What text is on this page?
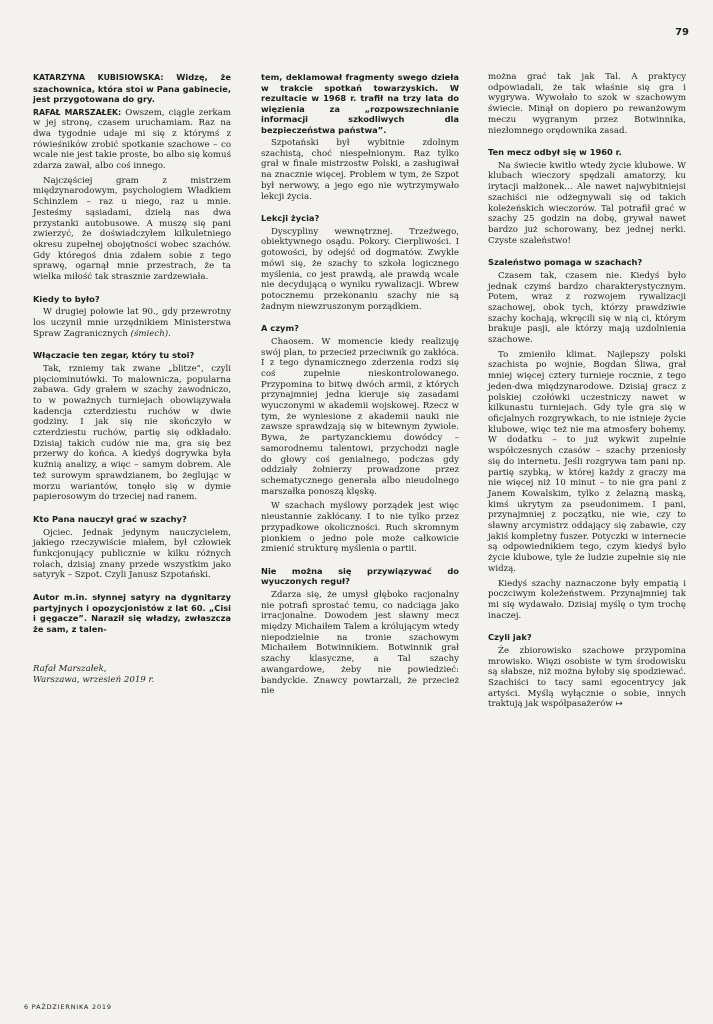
79

KATARZYNA KUBISIOWSKA: Widzę, że szachownica, która stoi w Pana gabinecie, jest przygotowana do gry.

RAFAŁ MARSZAŁEK: Owszem, ciągle zerkam w jej stronę, czasem uruchamiam. Raz na dwa tygodnie udaje mi się z którymś z rówieśników zrobić spotkanie szachowe – co wcale nie jest takie proste, bo albo się komuś zdarza zawał, albo coś innego.

Najczęściej gram z mistrzem międzynarodowym, psychologiem Władkiem Schinzlem – raz u niego, raz u mnie. Jesteśmy sąsiadami, dzielą nas dwa przystanki autobusowe. A muszę się pani zwierzyć, że doświadczyłem kilkuletniego okresu zupełnej obojętności wobec szachów. Gdy któregoś dnia zdałem sobie z tego sprawę, ogarnął mnie przestrach, że ta wielka miłość tak strasznie zardzewiała.

Kiedy to było?

W drugiej połowie lat 90., gdy przewrotny los uczynił mnie urzędnikiem Ministerstwa Spraw Zagranicznych (śmiech).

Włączacie ten zegar, który tu stoi?

Tak, rzniemy tak zwane „blitze”, czyli pięciominutówki. To malownicza, popularna zabawa. Gdy grałem w szachy zawodniczo, to w poważnych turniejach obowiązywała kadencja czterdziestu ruchów w dwie godziny. I jak się nie skończyło w czterdziestu ruchów, partię się odkładało. Dzisiaj takich cudów nie ma, gra się bez przerwy do końca. A kiedyś dogrywka była kuźnią analizy, a więc – samym dobrem. Ale też surowym sprawdzianem, bo żeglując w morzu wariantów, tonęło się w dymie papierosowym do trzeciej nad ranem.

Kto Pana nauczył grać w szachy?

Ojciec. Jednak jedynym nauczycielem, jakiego rzeczywiście miałem, był człowiek funkcjonujący publicznie w kilku różnych rolach, dzisiaj znany przede wszystkim jako satyryk – Szpot. Czyli Janusz Szpotański.

Autor m.in. słynnej satyry na dygnitarzy partyjnych i opozycjonistów z lat 60. „Cisi i gęgacze”. Naraził się władzy, zwłaszcza że sam, z talen-

Rafał Marszałek,
Warszawa, wrzesień 2019 r.

tem, deklamował fragmenty swego dzieła w trakcie spotkań towarzyskich. W rezultacie w 1968 r. trafił na trzy lata do więzienia za „rozpowszechnianie informacji szkodliwych dla bezpieczeństwa państwa”.

Szpotański był wybitnie zdolnym szachistą, choć niespełnionym. Raz tylko grał w finale mistrzostw Polski, a zasługiwał na znacznie więcej. Problem w tym, że Szpot był nerwowy, a jego ego nie wytrzymywało lekcji życia.

Lekcji życia?

Dyscypliny wewnętrznej. Trzeźwego, obiektywnego osądu. Pokory. Cierpliwości. I gotowości, by odejść od dogmatów. Zwykle mówi się, że szachy to szkoła logicznego myślenia, co jest prawdą, ale prawdą wcale nie decydującą o wyniku rywalizacji. Wbrew potocznemu przekonaniu szachy nie są żadnym niewzruszonym porządkiem.

A czym?

Chaosem. W momencie kiedy realizuję swój plan, to przecież przeciwnik go zakłóca. I z tego dynamicznego zderzenia rodzi się coś zupełnie nieskontrolowanego. Przypomina to bitwę dwóch armii, z których przynajmniej jedna kieruje się zasadami wyuczonymi w akademii wojskowej. Rzecz w tym, że wyniesione z akademii nauki nie zawsze sprawdzają się w bitewnym żywiole. Bywa, że partyzanckiemu dowódcy – samorodnemu talentowi, przychodzi nagle do głowy coś genialnego, podczas gdy oddziały żołnierzy prowadzone przez schematycznego generała albo nieudolnego marszałka ponoszą klęskę.

W szachach myślowy porządek jest więc nieustannie zakłócany. I to nie tylko przez przypadkowe okoliczności. Ruch skromnym pionkiem o jedno pole może całkowicie zmienić strukturę myślenia o partii.

Nie można się przywiązywać do wyuczonych reguł?

Zdarza się, że umysł głęboko racjonalny nie potrafi sprostać temu, co nadciąga jako irracjonalne. Dowodem jest sławny mecz między Michaiłem Talem a królującym wtedy niepodzielnie na tronie szachowym Michaiłem Botwinnikiem. Botwinnik grał szachy klasyczne, a Tal szachy awangardowe, żeby nie powiedzieć: bandyckie. Znawcy powtarzali, że przecież nie

można grać tak jak Tal. A praktycy odpowiadali, że tak właśnie się gra i wygrywa. Wywołało to szok w szachowym świecie. Minął on dopiero po rewanżowym meczu wygranym przez Botwinnika, niezłomnego orędownika zasad.

Ten mecz odbył się w 1960 r.

Na świecie kwitło wtedy życie klubowe. W klubach wieczory spędzali amatorzy, ku irytacji małżonek… Ale nawet najwybitniejsi szachiści nie odżegnywali się od takich koleżeńskich wieczorów. Tal potrafił grać w szachy 25 godzin na dobę, grywał nawet bardzo już schorowany, bez jednej nerki. Czyste szaleństwo!

Szaleństwo pomaga w szachach?

Czasem tak, czasem nie. Kiedyś było jednak czymś bardzo charakterystycznym. Potem, wraz z rozwojem rywalizacji szachowej, obok tych, którzy prawdziwie szachy kochają, wkręcili się w nią ci, którym brakuje pasji, ale którzy mają uzdolnienia szachowe.

To zmieniło klimat. Najlepszy polski szachista po wojnie, Bogdan Śliwa, grał mniej więcej cztery turnieje rocznie, z tego jeden-dwa międzynarodowe. Dzisiaj gracz z polskiej czołówki uczestniczy nawet w kilkunastu turniejach. Gdy tyle gra się w oficjalnych rozgrywkach, to nie istnieje życie klubowe, więc też nie ma atmosfery bohemy. W dodatku – to już wykwit zupełnie współczesnych czasów – szachy przeniosły się do internetu. Jeśli rozgrywa tam pani np. partię szybką, w której każdy z graczy ma nie więcej niż 10 minut – to nie gra pani z Janem Kowalskim, tylko z żelazną maską, kimś ukrytym za pseudonimem. I pani, przynajmniej z początku, nie wie, czy to sławny arcymistrz oddający się zabawie, czy jakiś kompletny fuszer. Potyczki w internecie są odpowiednikiem tego, czym kiedyś było życie klubowe, tyle że ludzie zupełnie się nie widzą.

Kiedyś szachy naznaczone były empatią i poczciwym koleżeństwem. Przynajmniej tak mi się wydawało. Dzisiaj myślę o tym trochę inaczej.

Czyli jak?

Że zbiorowisko szachowe przypomina mrowisko. Więzi osobiste w tym środowisku są słabsze, niż można byłoby się spodziewać. Szachiści to tacy sami egocentrycy jak artyści. Myślą wyłącznie o sobie, innych traktują jak współpasażerów ↦

6 PAŹDZIERNIKA 2019
